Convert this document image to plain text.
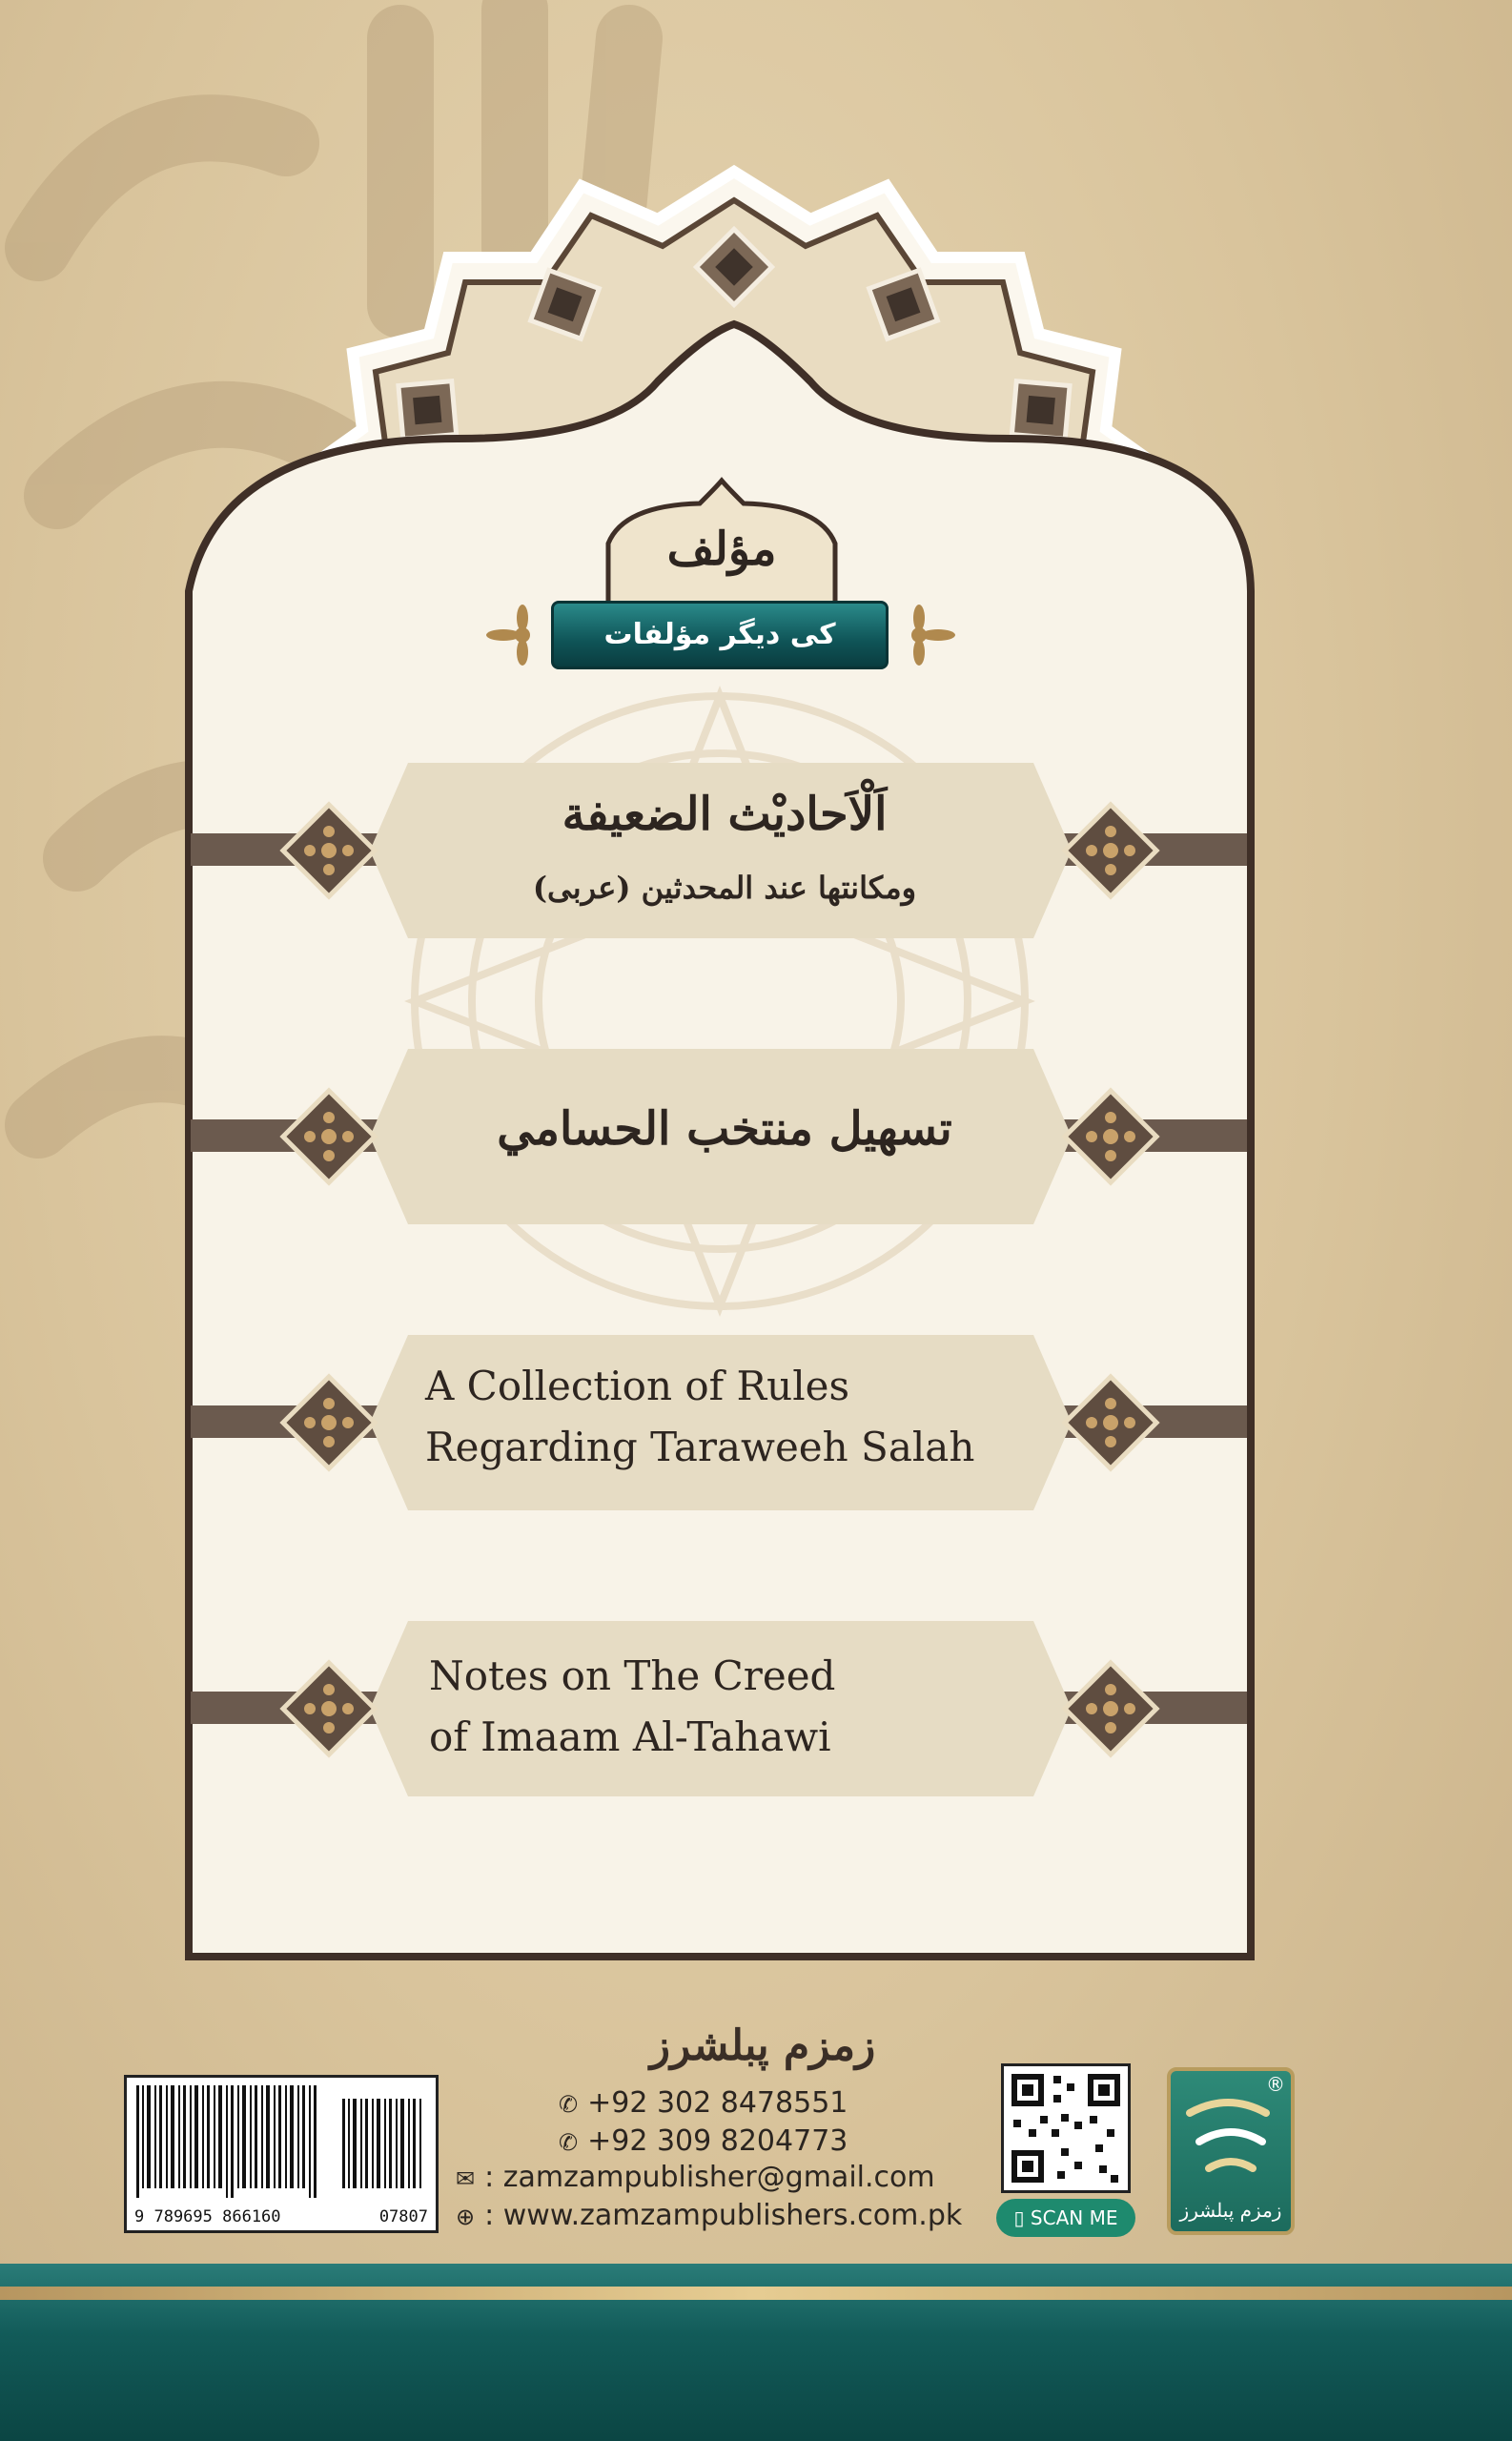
مؤلف
کی دیگر مؤلفات
اَلْاَحاديْث الضعيفة
ومكانتها عند المحدثين (عربی)
تسهيل منتخب الحسامي
A Collection of Rules
Regarding Taraweeh Salah
Notes on The Creed
of Imaam Al-Tahawi
زمزم پبلشرز
✆ +92 302 8478551
✆ +92 309 8204773
✉ : zamzampublisher@gmail.com
⊕ : www.zamzampublishers.com.pk
9 789695 866160	07807	▯ SCAN ME
®
زمزم پبلشرز
